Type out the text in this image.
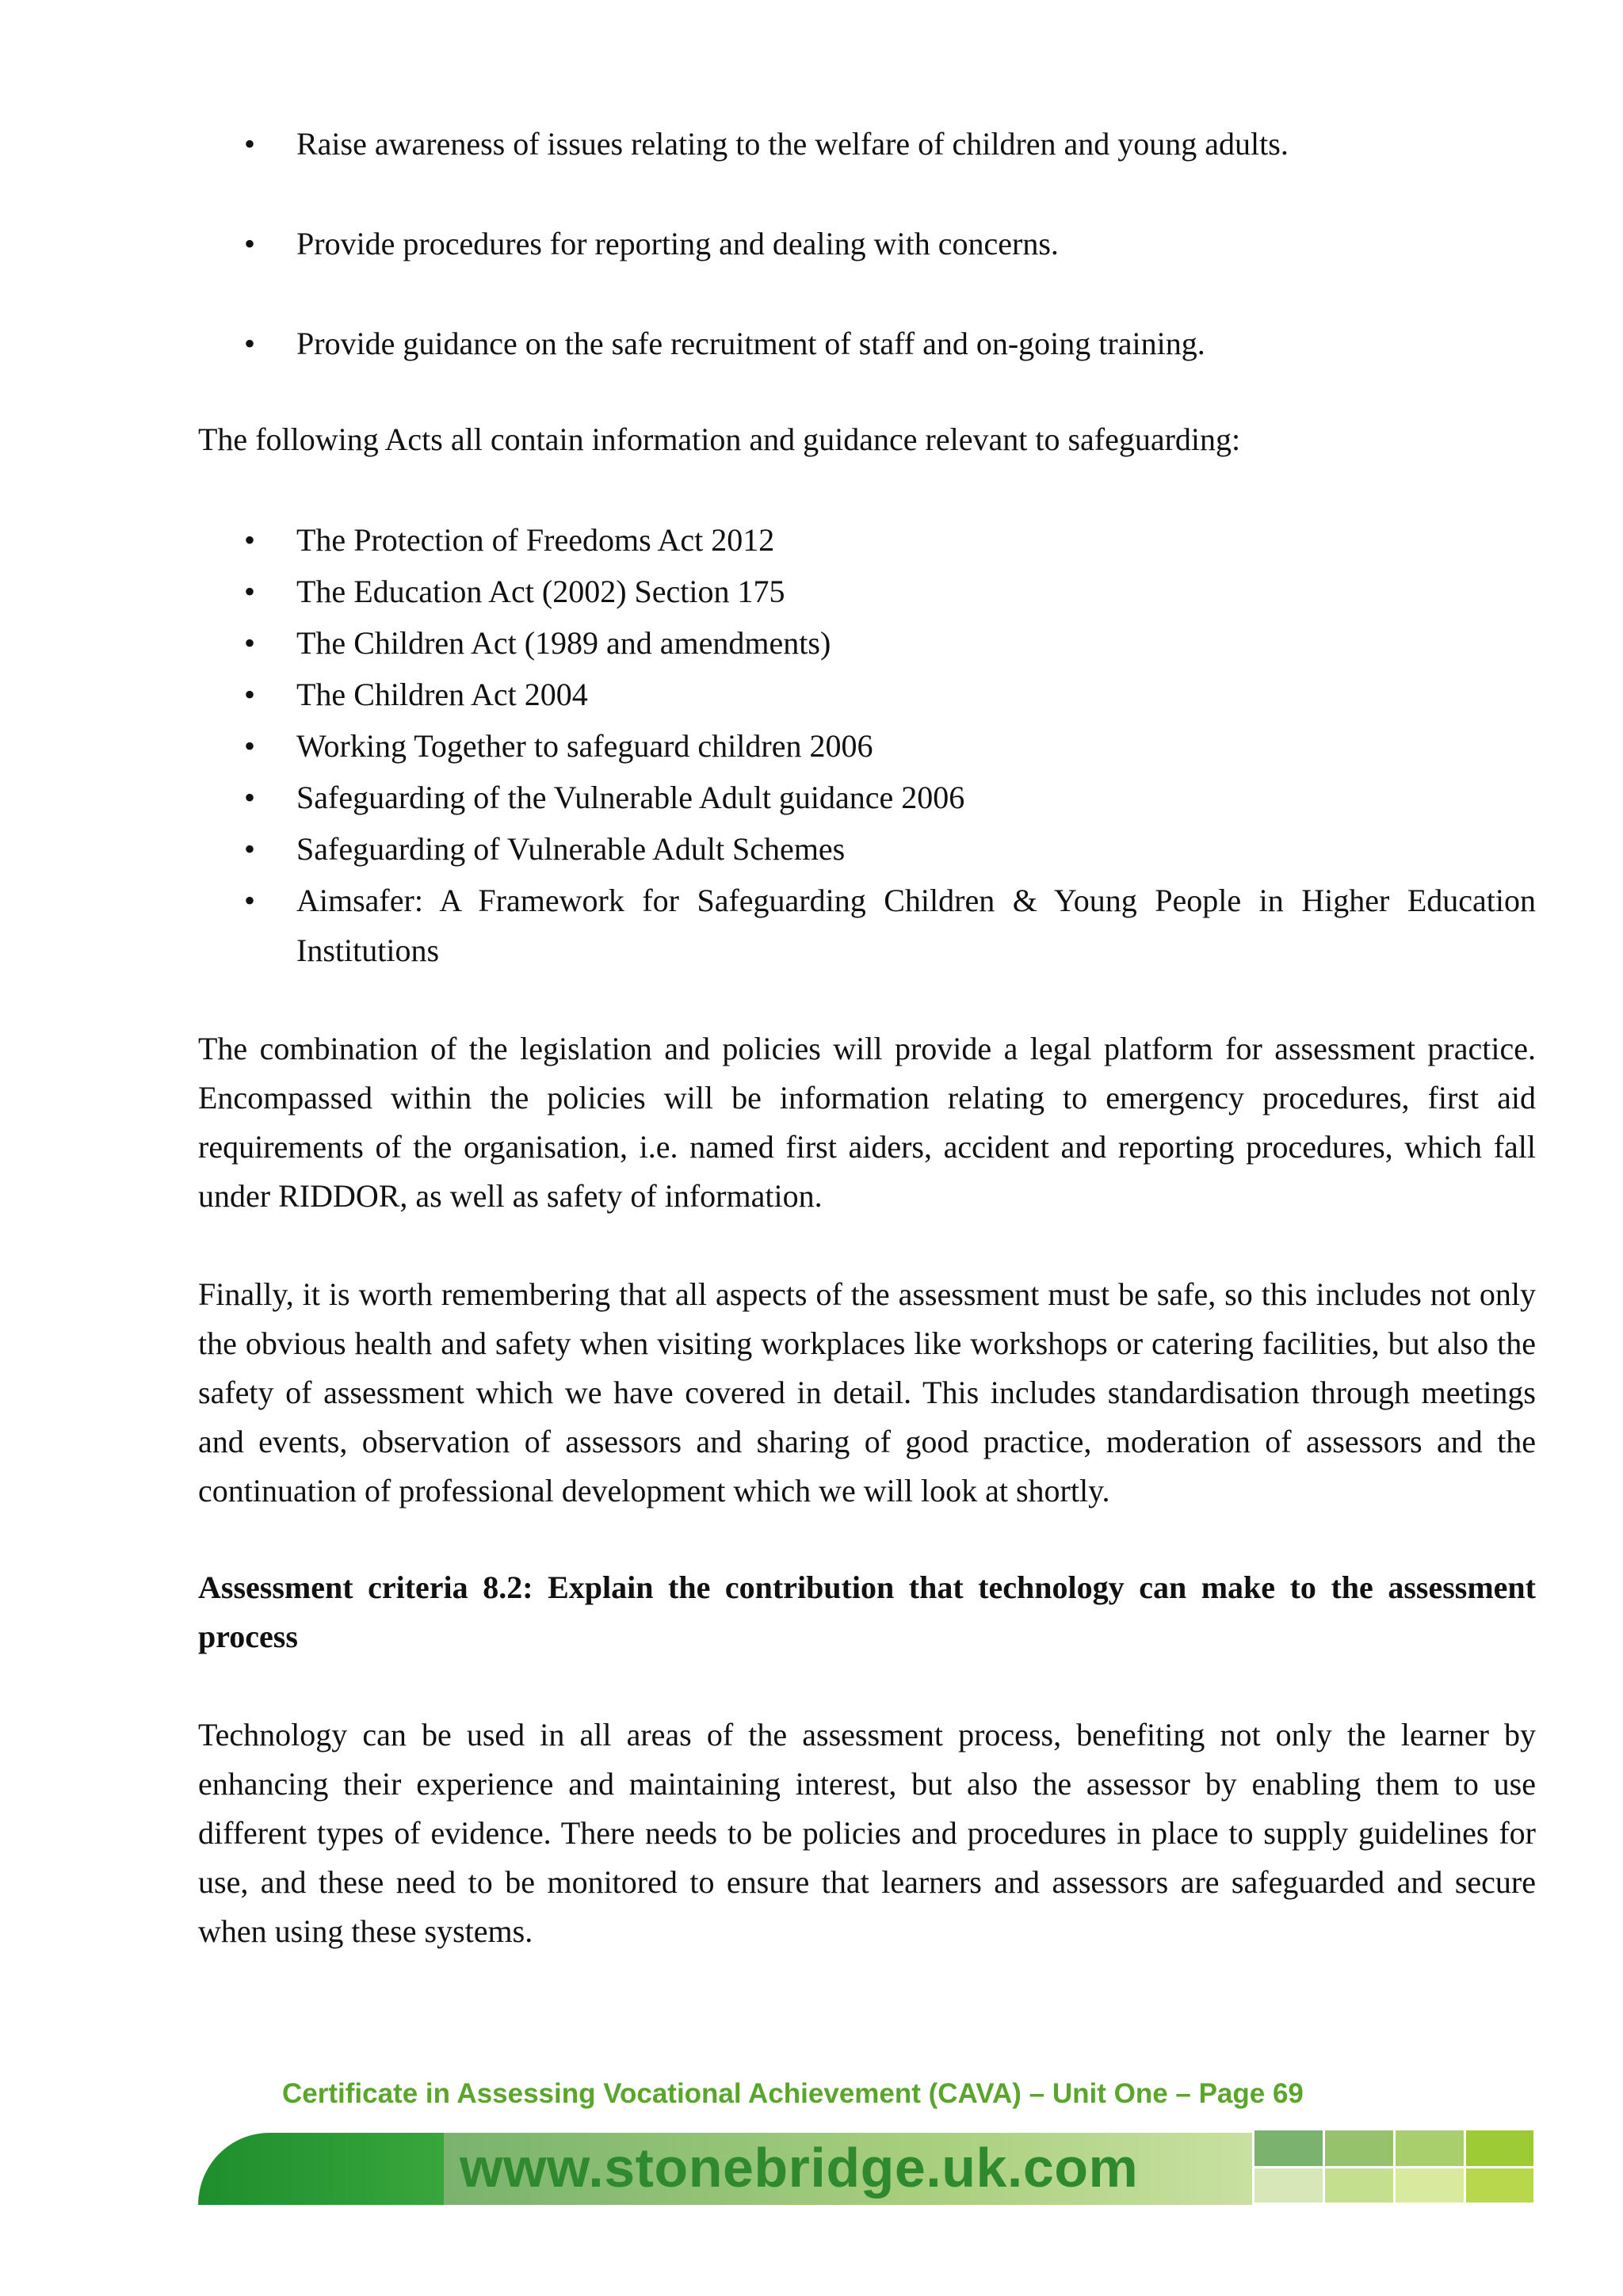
• Raise awareness of issues relating to the welfare of children and young adults.
• Provide procedures for reporting and dealing with concerns.
• Provide guidance on the safe recruitment of staff and on-going training.

The following Acts all contain information and guidance relevant to safeguarding:

• The Protection of Freedoms Act 2012
• The Education Act (2002) Section 175
• The Children Act (1989 and amendments)
• The Children Act 2004
• Working Together to safeguard children 2006
• Safeguarding of the Vulnerable Adult guidance 2006
• Safeguarding of Vulnerable Adult Schemes
• Aimsafer: A Framework for Safeguarding Children & Young People in Higher Education Institutions

The combination of the legislation and policies will provide a legal platform for assessment practice. Encompassed within the policies will be information relating to emergency procedures, first aid requirements of the organisation, i.e. named first aiders, accident and reporting procedures, which fall under RIDDOR, as well as safety of information.

Finally, it is worth remembering that all aspects of the assessment must be safe, so this includes not only the obvious health and safety when visiting workplaces like workshops or catering facilities, but also the safety of assessment which we have covered in detail. This includes standardisation through meetings and events, observation of assessors and sharing of good practice, moderation of assessors and the continuation of professional development which we will look at shortly.

Assessment criteria 8.2: Explain the contribution that technology can make to the assessment process

Technology can be used in all areas of the assessment process, benefiting not only the learner by enhancing their experience and maintaining interest, but also the assessor by enabling them to use different types of evidence. There needs to be policies and procedures in place to supply guidelines for use, and these need to be monitored to ensure that learners and assessors are safeguarded and secure when using these systems.

Certificate in Assessing Vocational Achievement (CAVA) – Unit One – Page 69
www.stonebridge.uk.com
